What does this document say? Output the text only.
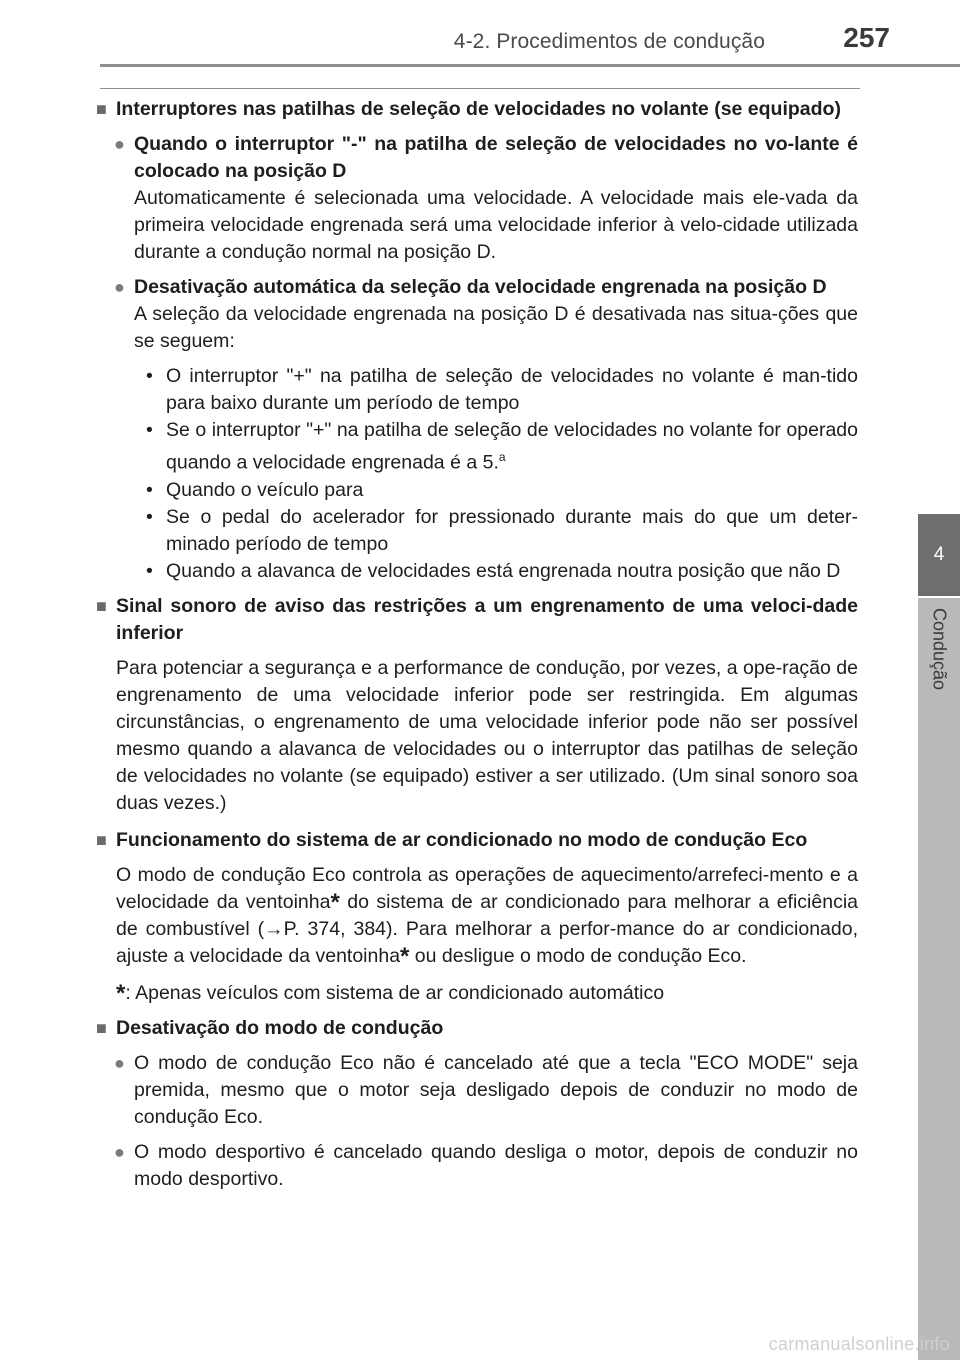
4-2. Procedimentos de condução	257
4
Condução
■ Interruptores nas patilhas de seleção de velocidades no volante (se equipado)
● Quando o interruptor "-" na patilha de seleção de velocidades no vo-lante é colocado na posição D
Automaticamente é selecionada uma velocidade. A velocidade mais ele-vada da primeira velocidade engrenada será uma velocidade inferior à velo-cidade utilizada durante a condução normal na posição D.
● Desativação automática da seleção da velocidade engrenada na posição D
A seleção da velocidade engrenada na posição D é desativada nas situa-ções que se seguem:
• O interruptor "+" na patilha de seleção de velocidades no volante é man-tido para baixo durante um período de tempo
• Se o interruptor "+" na patilha de seleção de velocidades no volante for operado quando a velocidade engrenada é a 5.$^a$
• Quando o veículo para
• Se o pedal do acelerador for pressionado durante mais do que um deter-minado período de tempo
• Quando a alavanca de velocidades está engrenada noutra posição que não D
■ Sinal sonoro de aviso das restrições a um engrenamento de uma veloci-dade inferior
Para potenciar a segurança e a performance de condução, por vezes, a ope-ração de engrenamento de uma velocidade inferior pode ser restringida. Em algumas circunstâncias, o engrenamento de uma velocidade inferior pode não ser possível mesmo quando a alavanca de velocidades ou o interruptor das patilhas de seleção de velocidades no volante (se equipado) estiver a ser utilizado. (Um sinal sonoro soa duas vezes.)
■ Funcionamento do sistema de ar condicionado no modo de condução Eco
O modo de condução Eco controla as operações de aquecimento/arrefeci-mento e a velocidade da ventoinha* do sistema de ar condicionado para melhorar a eficiência de combustível (→P. 374, 384). Para melhorar a perfor-mance do ar condicionado, ajuste a velocidade da ventoinha* ou desligue o modo de condução Eco.
*: Apenas veículos com sistema de ar condicionado automático
■ Desativação do modo de condução
● O modo de condução Eco não é cancelado até que a tecla "ECO MODE" seja premida, mesmo que o motor seja desligado depois de conduzir no modo de condução Eco.
● O modo desportivo é cancelado quando desliga o motor, depois de conduzir no modo desportivo.
carmanualsonline.info
